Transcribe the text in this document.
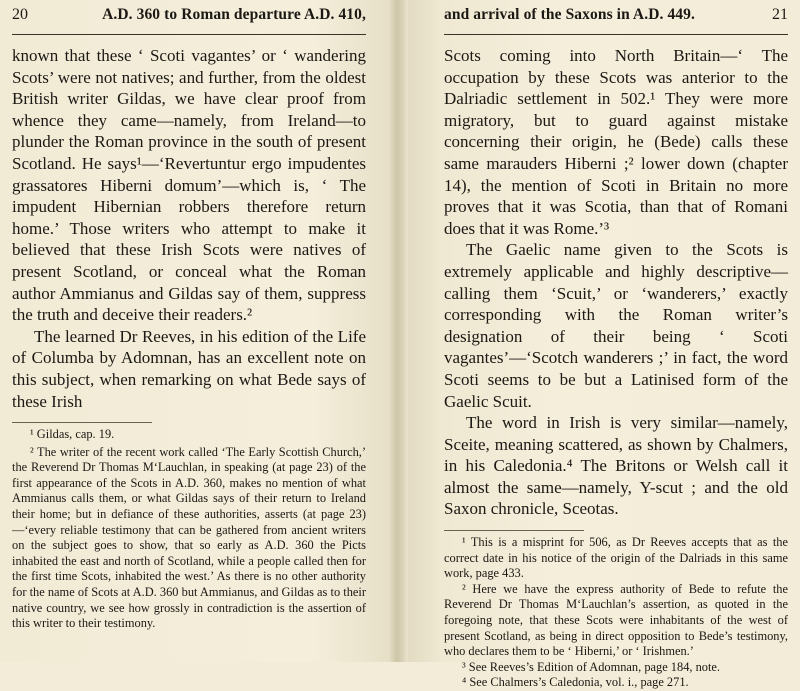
20	A.D. 360 to Roman departure A.D. 410,

known that these ‘ Scoti vagantes’ or ‘ wandering Scots’ were not natives; and further, from the oldest British writer Gildas, we have clear proof from whence they came—namely, from Ireland—to plunder the Roman province in the south of present Scotland. He says¹—‘Revertuntur ergo impudentes grassatores Hiberni domum’—which is, ‘ The impudent Hibernian robbers therefore return home.’ Those writers who attempt to make it believed that these Irish Scots were natives of present Scotland, or conceal what the Roman author Ammianus and Gildas say of them, suppress the truth and deceive their readers.²

The learned Dr Reeves, in his edition of the Life of Columba by Adomnan, has an excellent note on this subject, when remarking on what Bede says of these Irish

¹ Gildas, cap. 19.

² The writer of the recent work called ‘The Early Scottish Church,’ the Reverend Dr Thomas M‘Lauchlan, in speaking (at page 23) of the first appearance of the Scots in A.D. 360, makes no mention of what Ammianus calls them, or what Gildas says of their return to Ireland their home; but in defiance of these authorities, asserts (at page 23)—‘every reliable testimony that can be gathered from ancient writers on the subject goes to show, that so early as A.D. 360 the Picts inhabited the east and north of Scotland, while a people called then for the first time Scots, inhabited the west.’ As there is no other authority for the name of Scots at A.D. 360 but Ammianus, and Gildas as to their native country, we see how grossly in contradiction is the assertion of this writer to their testimony.

and arrival of the Saxons in A.D. 449.	21

Scots coming into North Britain—‘ The occupation by these Scots was anterior to the Dalriadic settlement in 502.¹ They were more migratory, but to guard against mistake concerning their origin, he (Bede) calls these same marauders Hiberni ;² lower down (chapter 14), the mention of Scoti in Britain no more proves that it was Scotia, than that of Romani does that it was Rome.’³

The Gaelic name given to the Scots is extremely applicable and highly descriptive—calling them ‘Scuit,’ or ‘wanderers,’ exactly corresponding with the Roman writer’s designation of their being ‘ Scoti vagantes’—‘Scotch wanderers ;’ in fact, the word Scoti seems to be but a Latinised form of the Gaelic Scuit.

The word in Irish is very similar—namely, Sceite, meaning scattered, as shown by Chalmers, in his Caledonia.⁴ The Britons or Welsh call it almost the same—namely, Y-scut ; and the old Saxon chronicle, Sceotas.

¹ This is a misprint for 506, as Dr Reeves accepts that as the correct date in his notice of the origin of the Dalriads in this same work, page 433.

² Here we have the express authority of Bede to refute the Reverend Dr Thomas M‘Lauchlan’s assertion, as quoted in the foregoing note, that these Scots were inhabitants of the west of present Scotland, as being in direct opposition to Bede’s testimony, who declares them to be ‘ Hiberni,’ or ‘ Irishmen.’

³ See Reeves’s Edition of Adomnan, page 184, note.

⁴ See Chalmers’s Caledonia, vol. i., page 271.
